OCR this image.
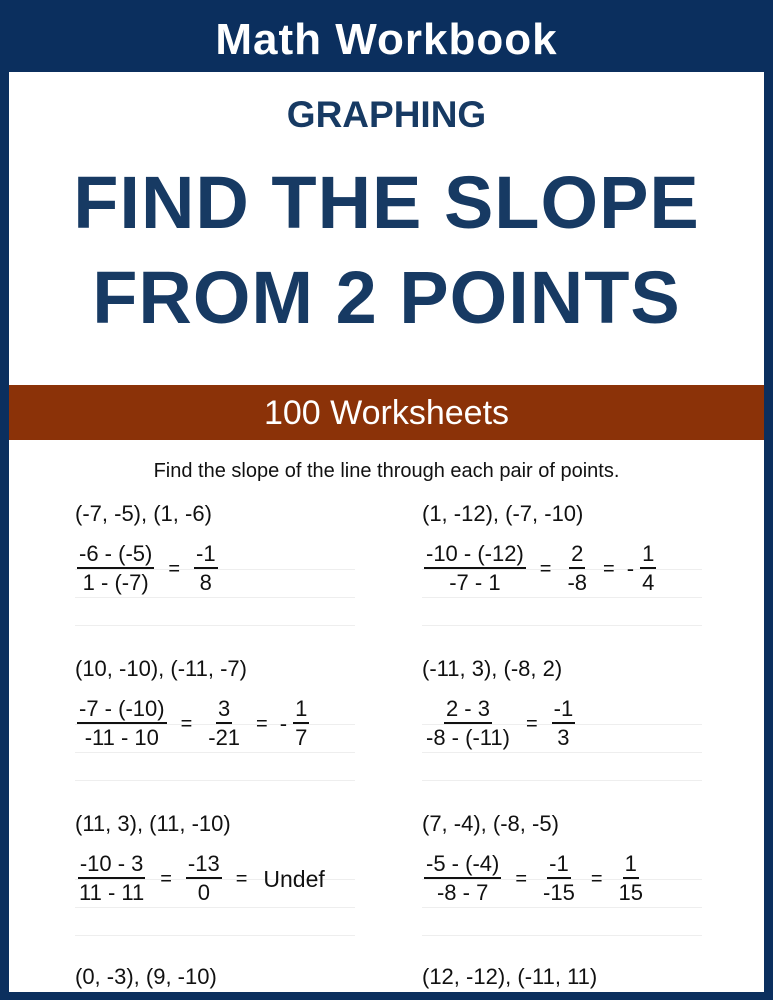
Math Workbook
GRAPHING
FIND THE SLOPE
FROM 2 POINTS
100 Worksheets
Find the slope of the line through each pair of points.
(-7, -5), (1, -6)
$\frac{-6 - (-5)}{1 - (-7)} = \frac{-1}{8}$
(1, -12), (-7, -10)
$\frac{-10 - (-12)}{-7 - 1} = \frac{2}{-8}$ = - $\frac{1}{4}$
(10, -10), (-11, -7)
$\frac{-7 - (-10)}{-11 - 10} = \frac{3}{-21}$ = - $\frac{1}{7}$
(-11, 3), (-8, 2)
$\frac{2 - 3}{-8 - (-11)} = \frac{-1}{3}$
(11, 3), (11, -10)
$\frac{-10 - 3}{11 - 11} = \frac{-13}{0}$ = Undef
(7, -4), (-8, -5)
$\frac{-5 - (-4)}{-8 - 7} = \frac{-1}{-15} = \frac{1}{15}$
(0, -3), (9, -10)	(12, -12), (-11, 11)
